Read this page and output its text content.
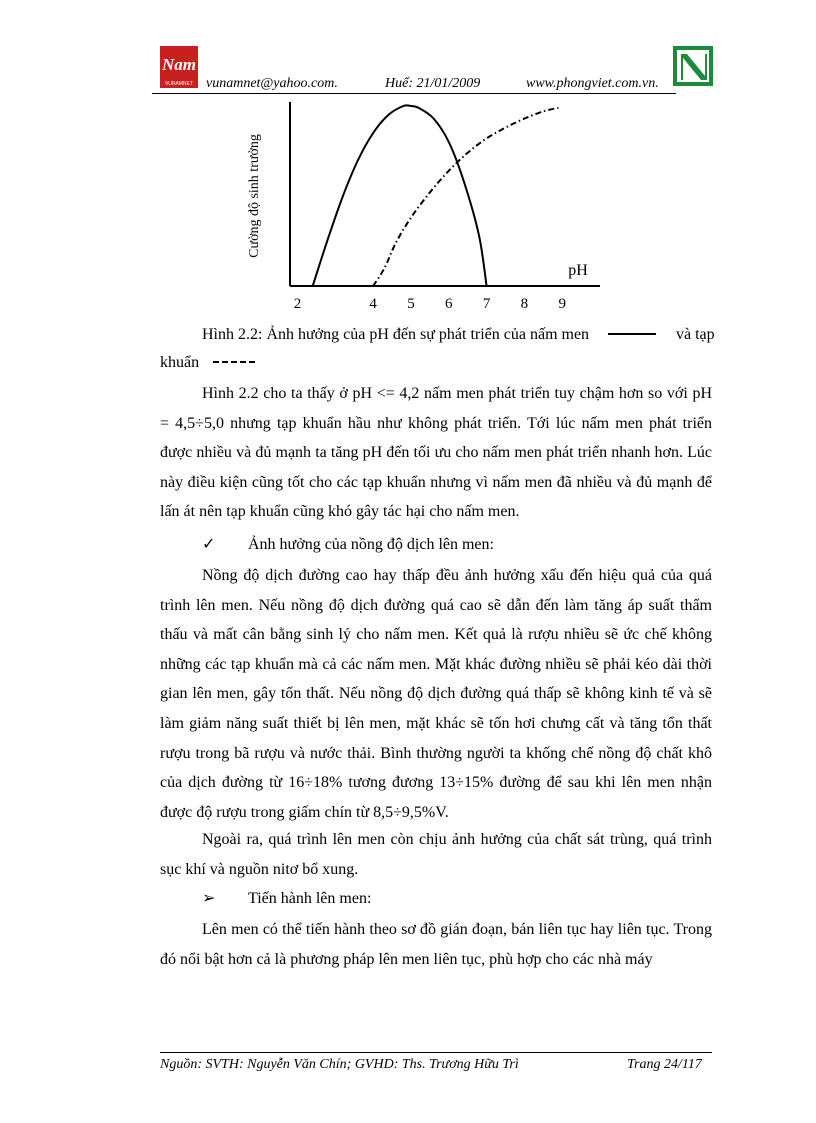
Nam
VUNAMNET vunamnet@yahoo.com.	Huế: 21/01/2009	www.phongviet.com.vn.
Cường độ sinh trưởng
pH
2	4 5 6 7 8 9
Hình 2.2: Ảnh hưởng của pH đến sự phát triển của nấm men	và tạp
khuẩn

Hình 2.2 cho ta thấy ở pH <= 4,2 nấm men phát triển tuy chậm hơn so với pH = 4,5÷5,0 nhưng tạp khuẩn hầu như không phát triển. Tới lúc nấm men phát triển được nhiều và đủ mạnh ta tăng pH đến tối ưu cho nấm men phát triển nhanh hơn. Lúc này điều kiện cũng tốt cho các tạp khuẩn nhưng vì nấm men đã nhiều và đủ mạnh để lấn át nên tạp khuẩn cũng khó gây tác hại cho nấm men.

✓ Ảnh hưởng của nồng độ dịch lên men:

Nồng độ dịch đường cao hay thấp đều ảnh hưởng xấu đến hiệu quả của quá trình lên men. Nếu nồng độ dịch đường quá cao sẽ dẫn đến làm tăng áp suất thẩm thấu và mất cân bằng sinh lý cho nấm men. Kết quả là rượu nhiều sẽ ức chế không những các tạp khuẩn mà cả các nấm men. Mặt khác đường nhiều sẽ phải kéo dài thời gian lên men, gây tổn thất. Nếu nồng độ dịch đường quá thấp sẽ không kinh tế và sẽ làm giảm năng suất thiết bị lên men, mặt khác sẽ tốn hơi chưng cất và tăng tổn thất rượu trong bã rượu và nước thải. Bình thường người ta khống chế nồng độ chất khô của dịch đường từ 16÷18% tương đương 13÷15% đường để sau khi lên men nhận được độ rượu trong giấm chín từ 8,5÷9,5%V.

Ngoài ra, quá trình lên men còn chịu ảnh hưởng của chất sát trùng, quá trình sục khí và nguồn nitơ bổ xung.

➢ Tiến hành lên men:

Lên men có thể tiến hành theo sơ đồ gián đoạn, bán liên tục hay liên tục. Trong đó nổi bật hơn cả là phương pháp lên men liên tục, phù hợp cho các nhà máy

Nguồn: SVTH: Nguyễn Văn Chín; GVHD: Ths. Trương Hữu Trì	Trang 24/117
